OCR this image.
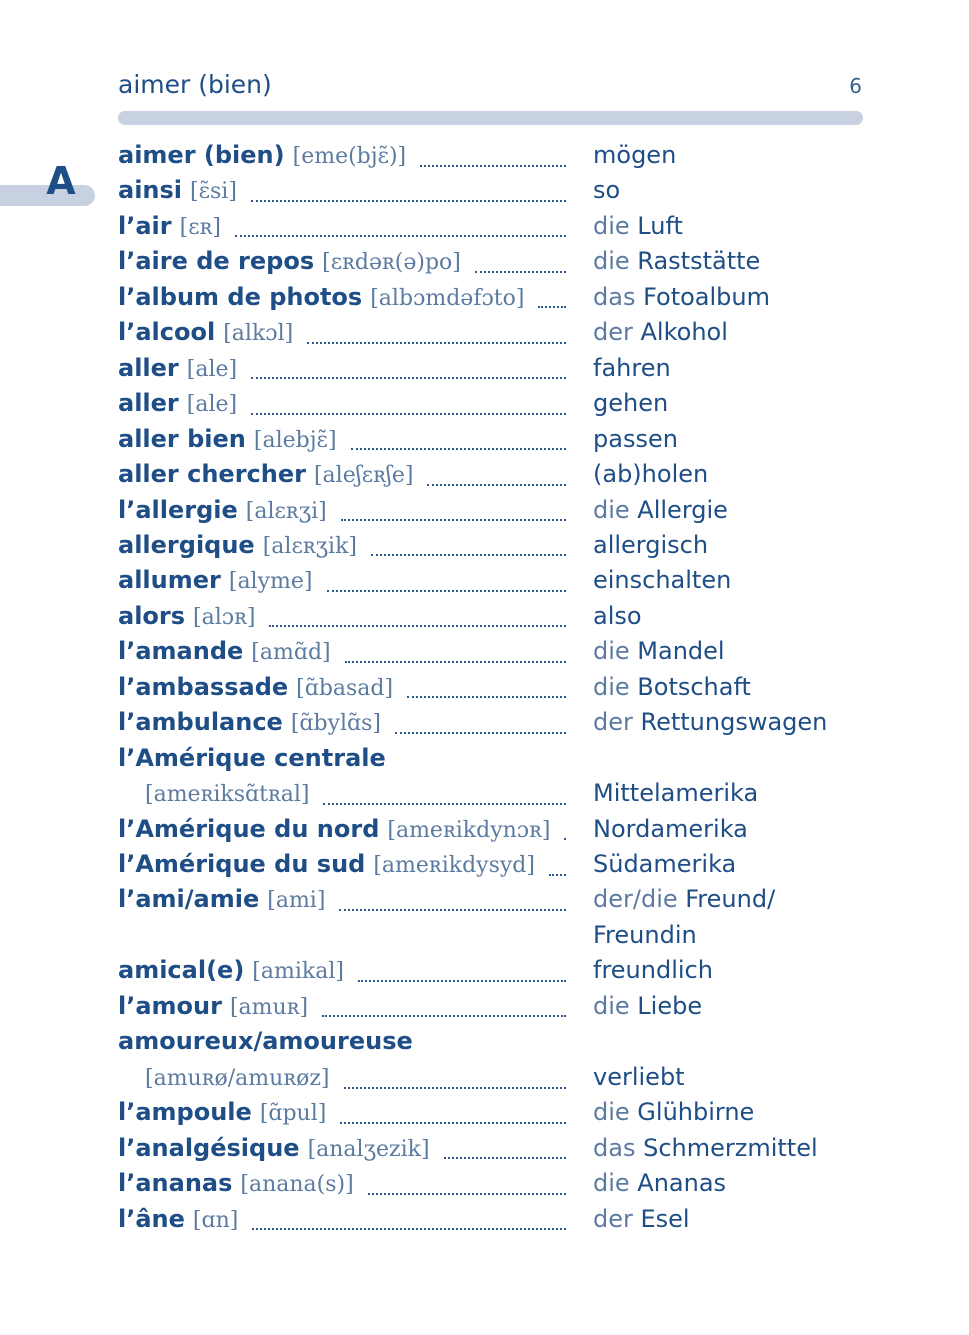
aimer (bien)	6
A
aimer (bien) [eme(bjɛ̃)]	mögen
ainsi [ɛ̃si]	so
l’air [ɛʀ]	die Luft
l’aire de repos [ɛʀdəʀ(ə)po]	die Raststätte
l’album de photos [albɔmdəfɔto]	das Fotoalbum
l’alcool [alkɔl]	der Alkohol
aller [ale]	fahren
aller [ale]	gehen
aller bien [alebjɛ̃]	passen
aller chercher [aleʃɛʀʃe]	(ab)holen
l’allergie [alɛʀʒi]	die Allergie
allergique [alɛʀʒik]	allergisch
allumer [alyme]	einschalten
alors [alɔʀ]	also
l’amande [amɑ̃d]	die Mandel
l’ambassade [ɑ̃basad]	die Botschaft
l’ambulance [ɑ̃bylɑ̃s]	der Rettungswagen
l’Amérique centrale
[ameʀiksɑ̃tʀal]	Mittelamerika
l’Amérique du nord [ameʀikdynɔʀ] Nordamerika
l’Amérique du sud [ameʀikdysyd] Südamerika
l’ami/amie [ami]	der/die Freund/
Freundin
amical(e) [amikal]	freundlich
l’amour [amuʀ]	die Liebe
amoureux/amoureuse
[amuʀø/amuʀøz]	verliebt
l’ampoule [ɑ̃pul]	die Glühbirne
l’analgésique [analʒezik]	das Schmerzmittel
l’ananas [anana(s)]	die Ananas
l’âne [ɑn]	der Esel
